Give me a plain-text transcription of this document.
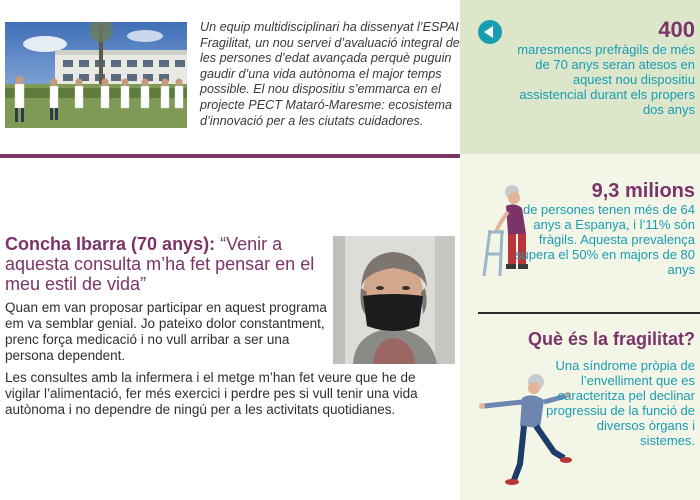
Un equip multidisciplinari ha dissenyat l’ESPAI Fragilitat, un nou servei d’avaluació integral de les persones d’edat avançada perquè puguin gaudir d’una vida autònoma el major temps possible. El nou dispositiu s’emmarca en el projecte PECT Mataró-Maresme: ecosistema d’innovació per a les ciutats cuidadores.
Concha Ibarra (70 anys): “Venir a aquesta consulta m’ha fet pensar en el meu estil de vida”
Quan em van proposar participar en aquest programa em va semblar genial. Jo pateixo dolor constantment, prenc força medicació i no vull arribar a ser una persona dependent.
Les consultes amb la infermera i el metge m’han fet veure que he de vigilar l’alimentació, fer més exercici i perdre pes si vull tenir una vida autònoma i no dependre de ningú per a les activitats quotidianes.
400
maresmencs prefràgils de més de 70 anys seran atesos en aquest nou dispositiu assistencial durant els propers dos anys
9,3 milions
de persones tenen més de 64 anys a Espanya, i l’11% són fràgils. Aquesta prevalença supera el 50% en majors de 80 anys
Què és la fragilitat?
Una síndrome pròpia de l’envelliment que es caracteritza pel declinar progressiu de la funció de diversos òrgans i sistemes.
